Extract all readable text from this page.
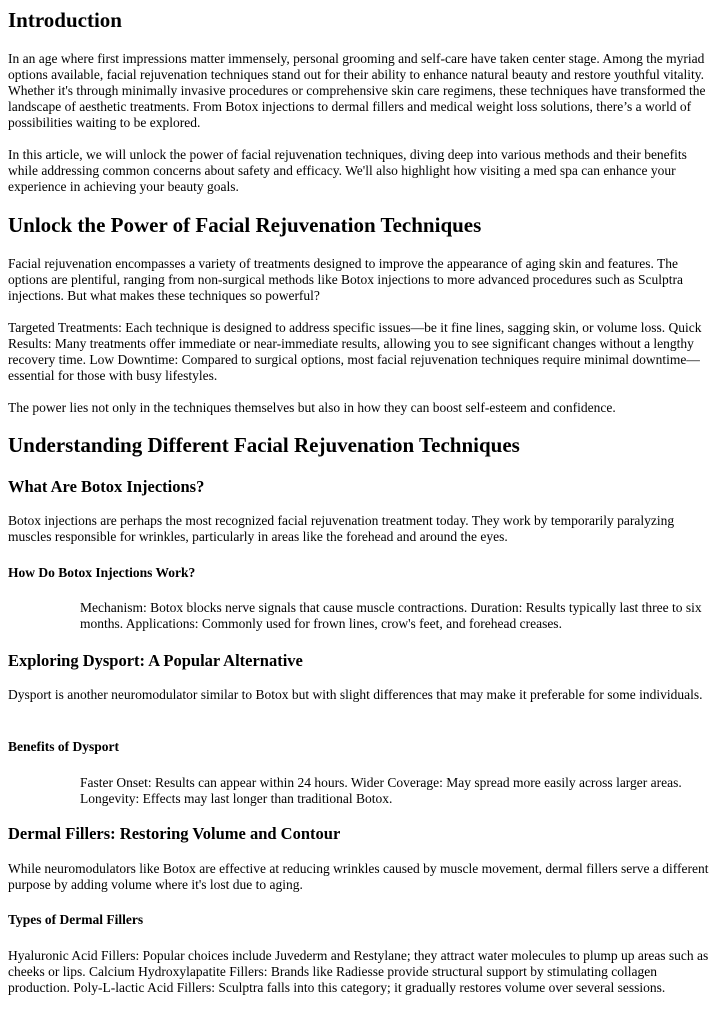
Introduction

In an age where first impressions matter immensely, personal grooming and self-care have taken center stage. Among the myriad options available, facial rejuvenation techniques stand out for their ability to enhance natural beauty and restore youthful vitality. Whether it's through minimally invasive procedures or comprehensive skin care regimens, these techniques have transformed the landscape of aesthetic treatments. From Botox injections to dermal fillers and medical weight loss solutions, there’s a world of possibilities waiting to be explored.

In this article, we will unlock the power of facial rejuvenation techniques, diving deep into various methods and their benefits while addressing common concerns about safety and efficacy. We'll also highlight how visiting a med spa can enhance your experience in achieving your beauty goals.

Unlock the Power of Facial Rejuvenation Techniques

Facial rejuvenation encompasses a variety of treatments designed to improve the appearance of aging skin and features. The options are plentiful, ranging from non-surgical methods like Botox injections to more advanced procedures such as Sculptra injections. But what makes these techniques so powerful?

Targeted Treatments: Each technique is designed to address specific issues—be it fine lines, sagging skin, or volume loss. Quick Results: Many treatments offer immediate or near-immediate results, allowing you to see significant changes without a lengthy recovery time. Low Downtime: Compared to surgical options, most facial rejuvenation techniques require minimal downtime—essential for those with busy lifestyles.

The power lies not only in the techniques themselves but also in how they can boost self-esteem and confidence.

Understanding Different Facial Rejuvenation Techniques
What Are Botox Injections?

Botox injections are perhaps the most recognized facial rejuvenation treatment today. They work by temporarily paralyzing muscles responsible for wrinkles, particularly in areas like the forehead and around the eyes.

How Do Botox Injections Work?
Mechanism: Botox blocks nerve signals that cause muscle contractions. Duration: Results typically last three to six months. Applications: Commonly used for frown lines, crow's feet, and forehead creases.
Exploring Dysport: A Popular Alternative

Dysport is another neuromodulator similar to Botox but with slight differences that may make it preferable for some individuals.

Benefits of Dysport
Faster Onset: Results can appear within 24 hours. Wider Coverage: May spread more easily across larger areas. Longevity: Effects may last longer than traditional Botox.
Dermal Fillers: Restoring Volume and Contour

While neuromodulators like Botox are effective at reducing wrinkles caused by muscle movement, dermal fillers serve a different purpose by adding volume where it's lost due to aging.

Types of Dermal Fillers

Hyaluronic Acid Fillers: Popular choices include Juvederm and Restylane; they attract water molecules to plump up areas such as cheeks or lips. Calcium Hydroxylapatite Fillers: Brands like Radiesse provide structural support by stimulating collagen production. Poly-L-lactic Acid Fillers: Sculptra falls into this category; it gradually restores volume over several sessions.
